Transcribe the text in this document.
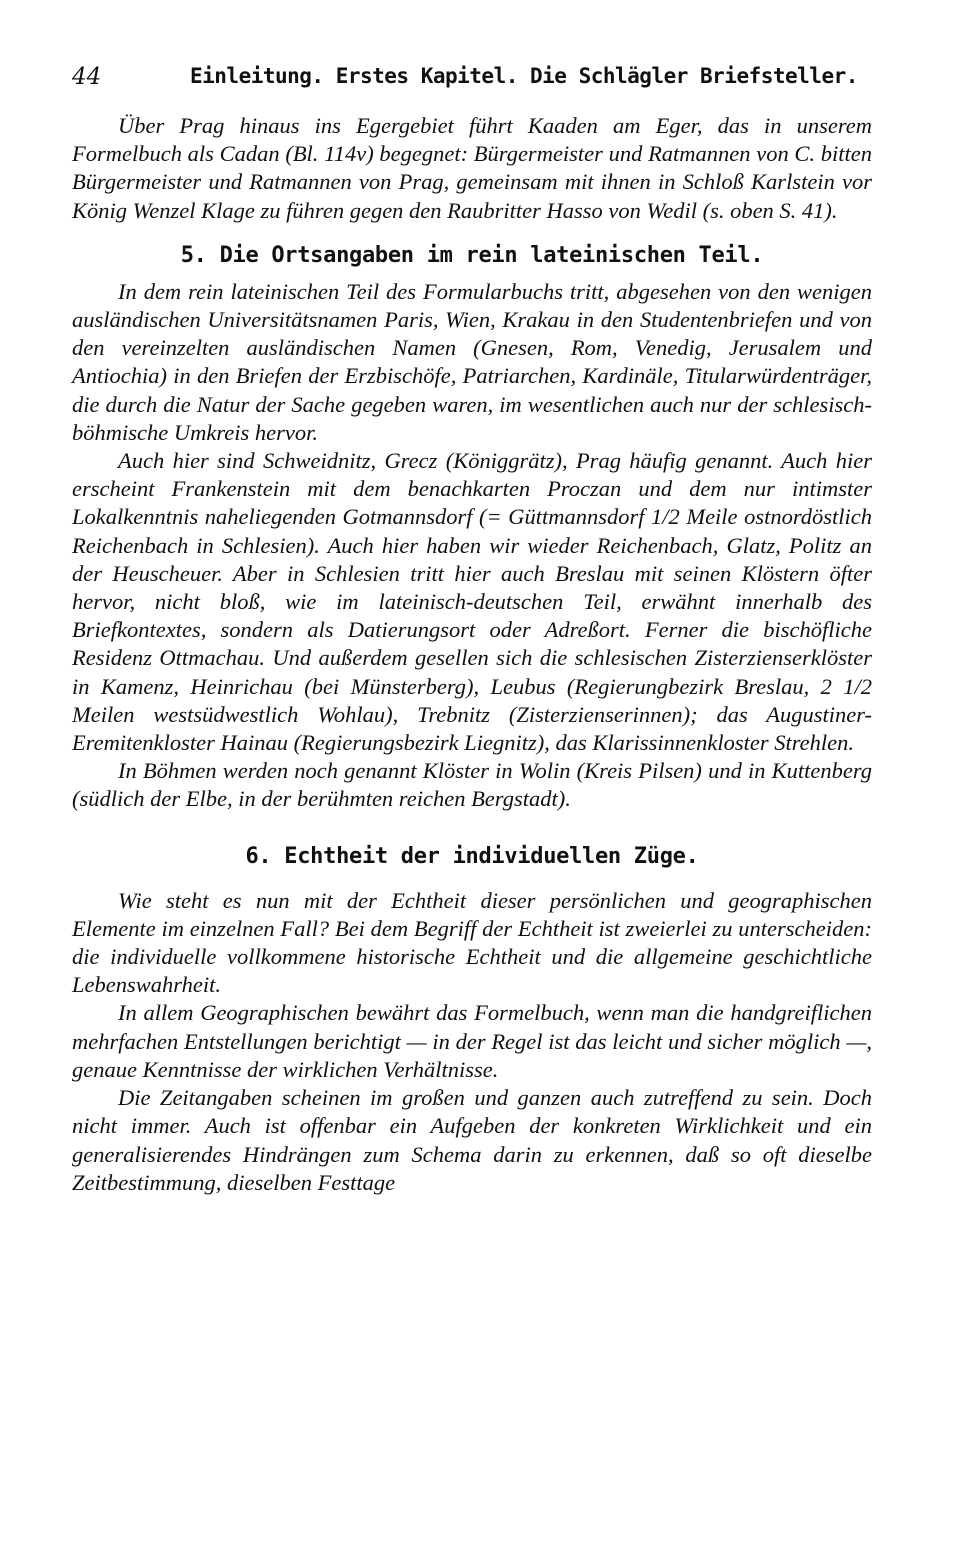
44	Einleitung. Erstes Kapitel. Die Schlägler Briefsteller.

Über Prag hinaus ins Egergebiet führt Kaaden am Eger, das in unserem Formelbuch als Cadan (Bl. 114v) begegnet: Bürgermeister und Ratmannen von C. bitten Bürgermeister und Ratmannen von Prag, gemeinsam mit ihnen in Schloß Karlstein vor König Wenzel Klage zu führen gegen den Raubritter Hasso von Wedil (s. oben S. 41).

5. Die Ortsangaben im rein lateinischen Teil.

In dem rein lateinischen Teil des Formularbuchs tritt, abgesehen von den wenigen ausländischen Universitätsnamen Paris, Wien, Krakau in den Studentenbriefen und von den vereinzelten ausländischen Namen (Gnesen, Rom, Venedig, Jerusalem und Antiochia) in den Briefen der Erzbischöfe, Patriarchen, Kardinäle, Titularwürdenträger, die durch die Natur der Sache gegeben waren, im wesentlichen auch nur der schlesisch-böhmische Umkreis hervor.

Auch hier sind Schweidnitz, Grecz (Königgrätz), Prag häufig genannt. Auch hier erscheint Frankenstein mit dem benachkarten Proczan und dem nur intimster Lokalkenntnis naheliegenden Gotmannsdorf (= Güttmannsdorf 1/2 Meile ostnordöstlich Reichenbach in Schlesien). Auch hier haben wir wieder Reichenbach, Glatz, Politz an der Heuscheuer. Aber in Schlesien tritt hier auch Breslau mit seinen Klöstern öfter hervor, nicht bloß, wie im lateinisch-deutschen Teil, erwähnt innerhalb des Briefkontextes, sondern als Datierungsort oder Adreßort. Ferner die bischöfliche Residenz Ottmachau. Und außerdem gesellen sich die schlesischen Zisterzienserklöster in Kamenz, Heinrichau (bei Münsterberg), Leubus (Regierungbezirk Breslau, 2 1/2 Meilen westsüdwestlich Wohlau), Trebnitz (Zisterzienserinnen); das Augustiner-Eremitenkloster Hainau (Regierungsbezirk Liegnitz), das Klarissinnenkloster Strehlen.

In Böhmen werden noch genannt Klöster in Wolin (Kreis Pilsen) und in Kuttenberg (südlich der Elbe, in der berühmten reichen Bergstadt).

6. Echtheit der individuellen Züge.

Wie steht es nun mit der Echtheit dieser persönlichen und geographischen Elemente im einzelnen Fall? Bei dem Begriff der Echtheit ist zweierlei zu unterscheiden: die individuelle vollkommene historische Echtheit und die allgemeine geschichtliche Lebenswahrheit.

In allem Geographischen bewährt das Formelbuch, wenn man die handgreiflichen mehrfachen Entstellungen berichtigt — in der Regel ist das leicht und sicher möglich —, genaue Kenntnisse der wirklichen Verhältnisse.

Die Zeitangaben scheinen im großen und ganzen auch zutreffend zu sein. Doch nicht immer. Auch ist offenbar ein Aufgeben der konkreten Wirklichkeit und ein generalisierendes Hindrängen zum Schema darin zu erkennen, daß so oft dieselbe Zeitbestimmung, dieselben Festtage
